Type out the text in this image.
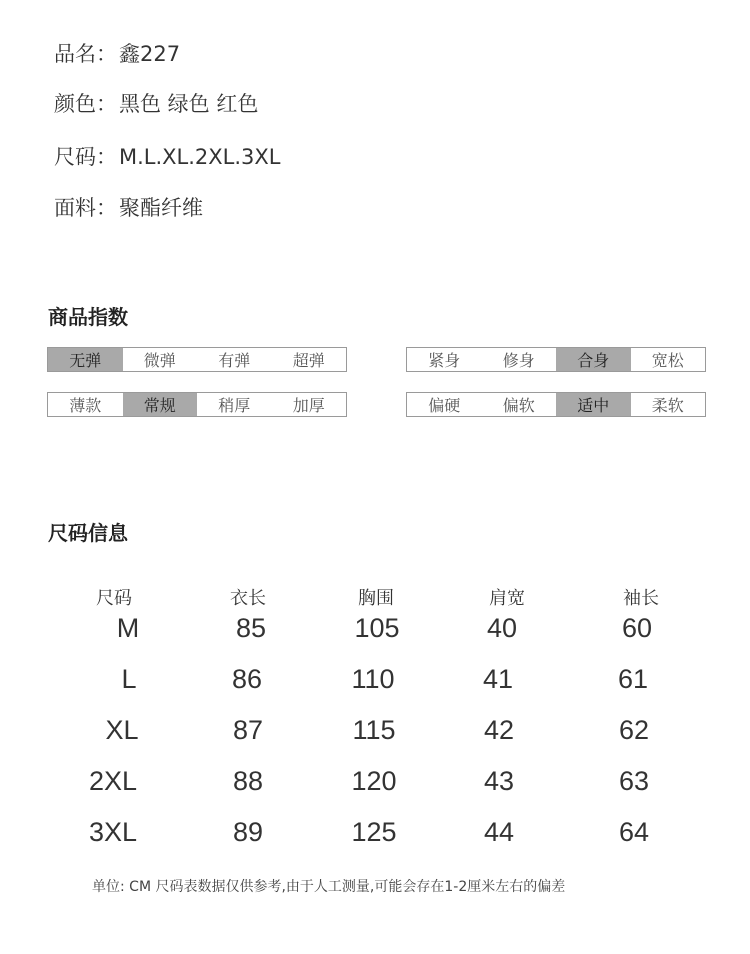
品名：鑫227
颜色：黑色 绿色 红色
尺码：M.L.XL.2XL.3XL
面料：聚酯纤维
商品指数
无弹	微弹	有弹	超弹	紧身	修身	合身	宽松
薄款	常规	稍厚	加厚	偏硬	偏软	适中	柔软
尺码信息
尺码	衣长	胸围	肩宽	袖长
M	85	105	40	60
L	86	110	41	61
XL	87	115	42	62
2XL	88	120	43	63
3XL	89	125	44	64
单位: CM 尺码表数据仅供参考,由于人工测量,可能会存在1-2厘米左右的偏差
